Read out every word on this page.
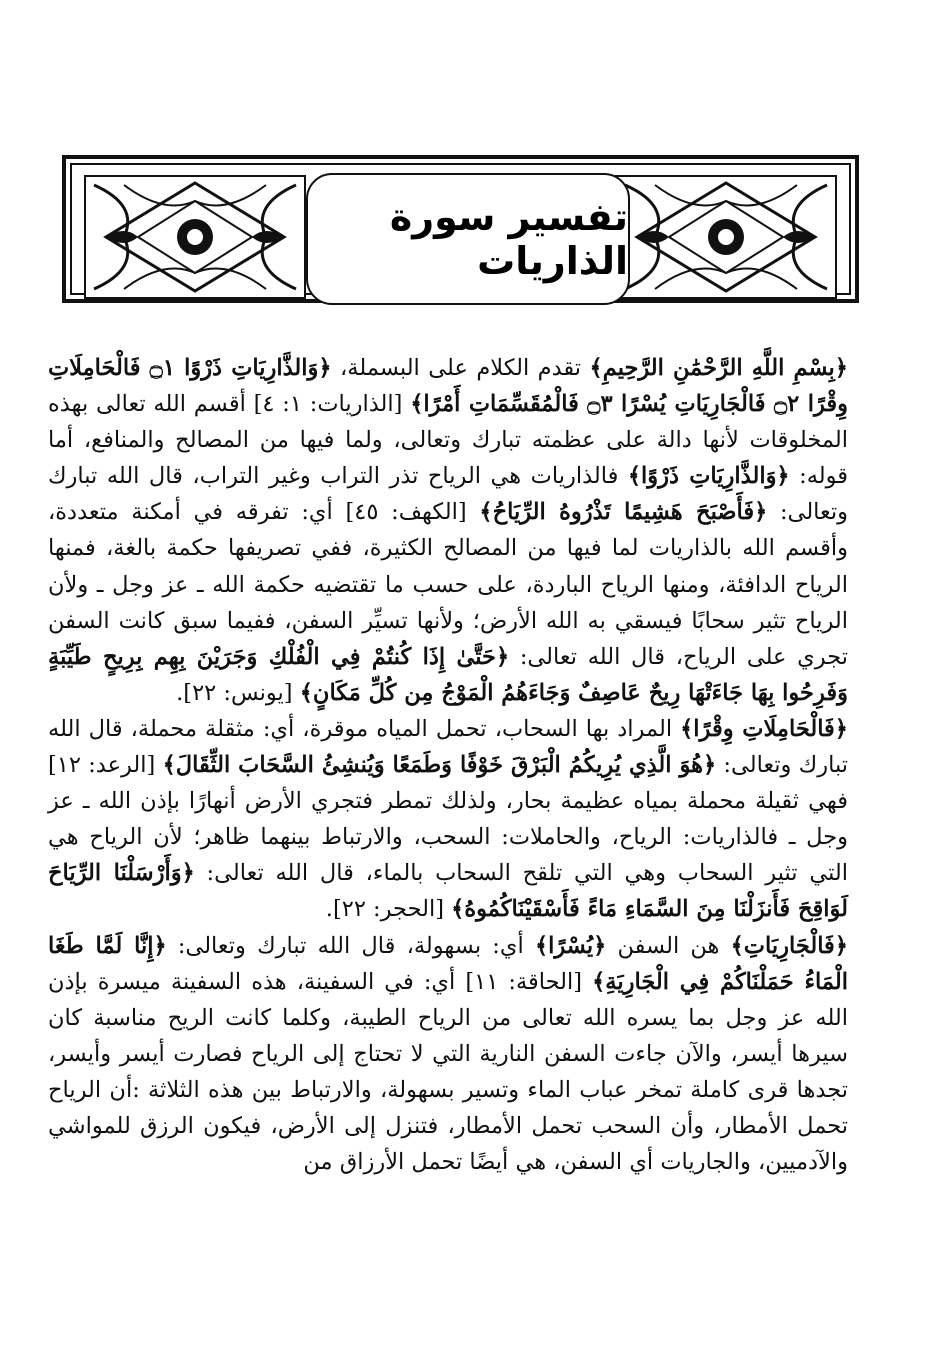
تفسير سورة الذاريات

﴿بِسْمِ اللَّهِ الرَّحْمَٰنِ الرَّحِيمِ﴾ تقدم الكلام على البسملة، ﴿وَالذَّارِيَاتِ ذَرْوًا ۝١ فَالْحَامِلَاتِ وِقْرًا ۝٢ فَالْجَارِيَاتِ يُسْرًا ۝٣ فَالْمُقَسِّمَاتِ أَمْرًا﴾ [الذاريات: ١: ٤] أقسم الله تعالى بهذه المخلوقات لأنها دالة على عظمته تبارك وتعالى، ولما فيها من المصالح والمنافع، أما قوله: ﴿وَالذَّارِيَاتِ ذَرْوًا﴾ فالذاريات هي الرياح تذر التراب وغير التراب، قال الله تبارك وتعالى: ﴿فَأَصْبَحَ هَشِيمًا تَذْرُوهُ الرِّيَاحُ﴾ [الكهف: ٤٥] أي: تفرقه في أمكنة متعددة، وأقسم الله بالذاريات لما فيها من المصالح الكثيرة، ففي تصريفها حكمة بالغة، فمنها الرياح الدافئة، ومنها الرياح الباردة، على حسب ما تقتضيه حكمة الله ـ عز وجل ـ ولأن الرياح تثير سحابًا فيسقي به الله الأرض؛ ولأنها تسيِّر السفن، ففيما سبق كانت السفن تجري على الرياح، قال الله تعالى: ﴿حَتَّىٰ إِذَا كُنتُمْ فِي الْفُلْكِ وَجَرَيْنَ بِهِم بِرِيحٍ طَيِّبَةٍ وَفَرِحُوا بِهَا جَاءَتْهَا رِيحٌ عَاصِفٌ وَجَاءَهُمُ الْمَوْجُ مِن كُلِّ مَكَانٍ﴾ [يونس: ٢٢].

﴿فَالْحَامِلَاتِ وِقْرًا﴾ المراد بها السحاب، تحمل المياه موقرة، أي: مثقلة محملة، قال الله تبارك وتعالى: ﴿هُوَ الَّذِي يُرِيكُمُ الْبَرْقَ خَوْفًا وَطَمَعًا وَيُنشِئُ السَّحَابَ الثِّقَالَ﴾ [الرعد: ١٢] فهي ثقيلة محملة بمياه عظيمة بحار، ولذلك تمطر فتجري الأرض أنهارًا بإذن الله ـ عز وجل ـ فالذاريات: الرياح، والحاملات: السحب، والارتباط بينهما ظاهر؛ لأن الرياح هي التي تثير السحاب وهي التي تلقح السحاب بالماء، قال الله تعالى: ﴿وَأَرْسَلْنَا الرِّيَاحَ لَوَاقِحَ فَأَنزَلْنَا مِنَ السَّمَاءِ مَاءً فَأَسْقَيْنَاكُمُوهُ﴾ [الحجر: ٢٢].

﴿فَالْجَارِيَاتِ﴾ هن السفن ﴿يُسْرًا﴾ أي: بسهولة، قال الله تبارك وتعالى: ﴿إِنَّا لَمَّا طَغَا الْمَاءُ حَمَلْنَاكُمْ فِي الْجَارِيَةِ﴾ [الحاقة: ١١] أي: في السفينة، هذه السفينة ميسرة بإذن الله عز وجل بما يسره الله تعالى من الرياح الطيبة، وكلما كانت الريح مناسبة كان سيرها أيسر، والآن جاءت السفن النارية التي لا تحتاج إلى الرياح فصارت أيسر وأيسر، تجدها قرى كاملة تمخر عباب الماء وتسير بسهولة، والارتباط بين هذه الثلاثة :أن الرياح تحمل الأمطار، وأن السحب تحمل الأمطار، فتنزل إلى الأرض، فيكون الرزق للمواشي والآدميين، والجاريات أي السفن، هي أيضًا تحمل الأرزاق من
